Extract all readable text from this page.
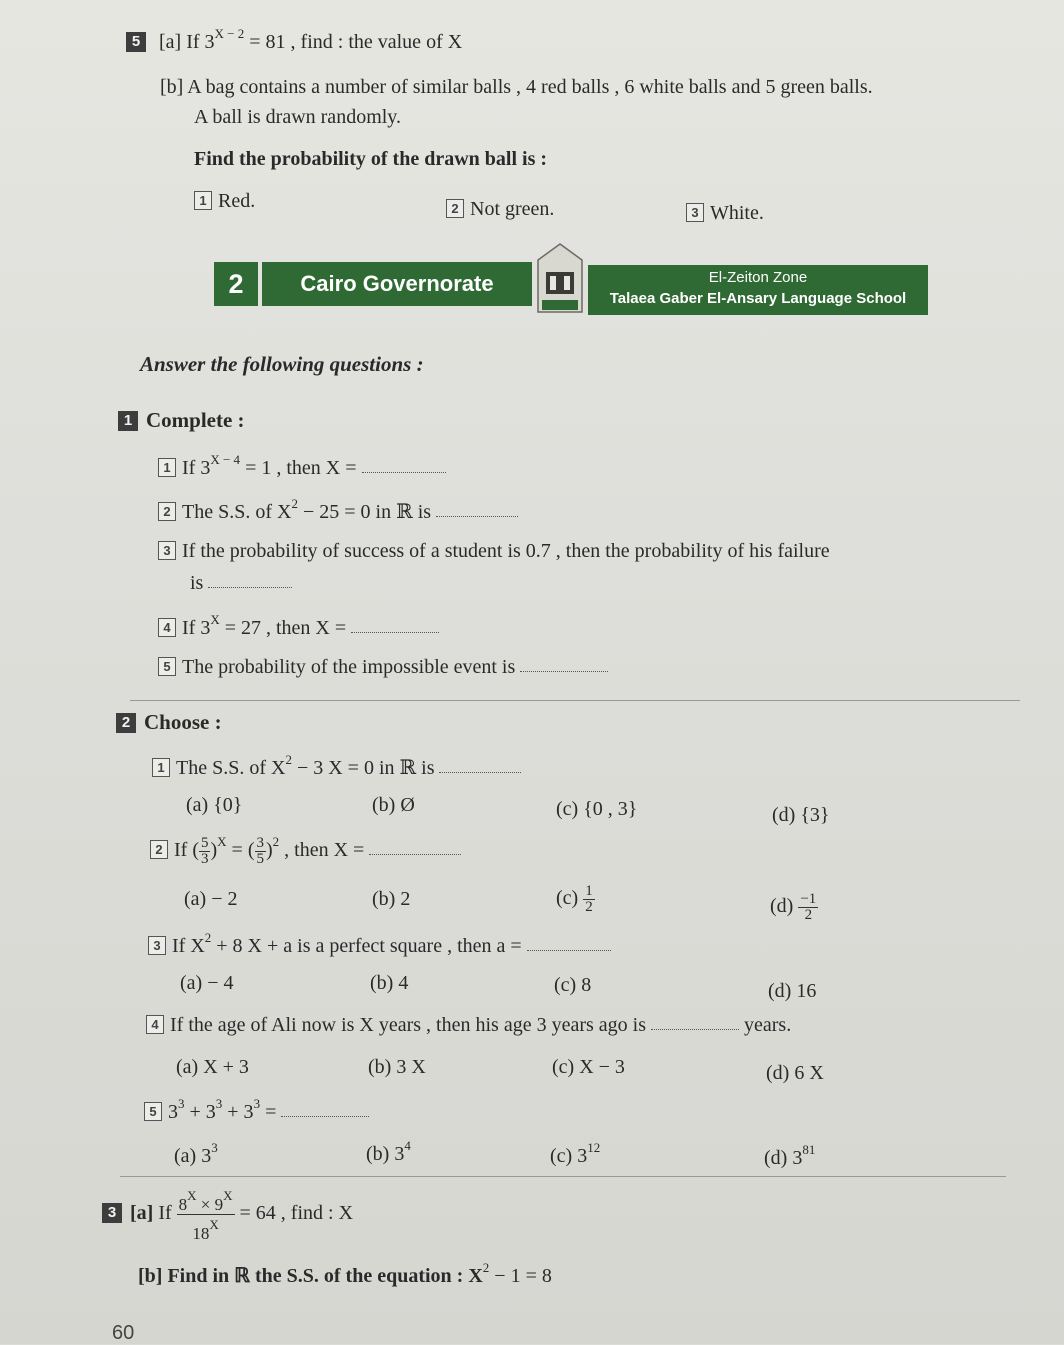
5 [a] If $3^{X - 2} = 81$ , find : the value of X
[b] A bag contains a number of similar balls , 4 red balls , 6 white balls and 5 green balls.
A ball is drawn randomly.
Find the probability of the drawn ball is :
1 Red.	2 Not green.	3 White.
2	Cairo Governorate	El-Zeiton Zone
Talaea Gaber El-Ansary Language School
Answer the following questions :
1 Complete :
1 If $3^{X - 4} = 1$ , then X =
2 The S.S. of $X^2 - 25 = 0$ in ℝ is
3 If the probability of success of a student is 0.7 , then the probability of his failure
is
4 If $3^X = 27$ , then X =
5 The probability of the impossible event is
2 Choose :
1 The S.S. of $X^2 - 3$ X = 0 in ℝ is
(a) {0}	(b) Ø	(c) {0 , 3}	(d) {3}
2 If ( $\frac{5}{3} )^X$ = ( $\frac{3}{5} )^2$ , then X =
(a) − 2	(b) 2	$(c) \frac{1}{2}$	$(d) \frac{-1}{2}$
3 If $X^2 + 8$ X + a is a perfect square , then a =
(a) − 4	(b) 4	(c) 8	(d) 16
4 If the age of Ali now is X years , then his age 3 years ago is	years.
(a) X + 3	(b) 3 X	(c) X − 3	(d) 6 X
5 $3^3 + 3^3 + 3^3$ =
(a) $3^3$	(b) $3^4$	(c) $3^{12}$	(d) $3^{81}$
3 [a] If $\frac{8^X \times 9^X}{18^X} = 64$ , find : X
[b] Find in ℝ the S.S. of the equation : $X^2 - 1 = 8$
60
